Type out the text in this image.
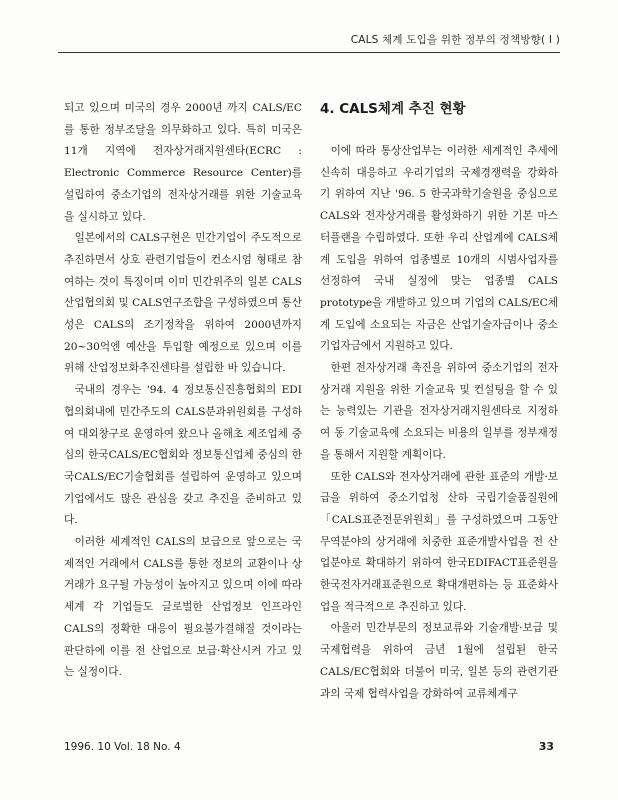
CALS 체계 도입을 위한 정부의 정책방향( I )

되고 있으며 미국의 경우 2000년 까지 CALS/EC를 통한 정부조달을 의무화하고 있다. 특히 미국은 11개 지역에 전자상거래지원센타(ECRC : Electronic Commerce Resource Center)를 설립하여 중소기업의 전자상거래를 위한 기술교육을 실시하고 있다.

일본에서의 CALS구현은 민간기업이 주도적으로 추진하면서 상호 관련기업들이 컨소시엄 형태로 참여하는 것이 특징이며 이미 민간위주의 일본 CALS산업협의회 및 CALS연구조합을 구성하였으며 통산성은 CALS의 조기정착을 위하여 2000년까지 20~30억엔 예산을 투입할 예정으로 있으며 이를 위해 산업정보화추진센타를 설립한 바 있습니다.

국내의 경우는 '94. 4 정보통신진흥협회의 EDI협의회내에 민간주도의 CALS분과위원회를 구성하여 대외창구로 운영하여 왔으나 올해초 제조업체 중심의 한국CALS/EC협회와 정보통신업체 중심의 한국CALS/EC기술협회를 설립하여 운영하고 있으며 기업에서도 많은 관심을 갖고 추진을 준비하고 있다.

이러한 세계적인 CALS의 보급으로 앞으로는 국제적인 거래에서 CALS를 통한 정보의 교환이나 상거래가 요구될 가능성이 높아지고 있으며 이에 따라 세계 각 기업들도 글로벌한 산업정보 인프라인 CALS의 정확한 대응이 필요불가결해질 것이라는 판단하에 이를 전 산업으로 보급·확산시켜 가고 있는 실정이다.

4. CALS체계 추진 현황

이에 따라 통상산업부는 이러한 세계적인 추세에 신속히 대응하고 우리기업의 국제경쟁력을 강화하기 위하여 지난 '96. 5 한국과학기술원을 중심으로 CALS와 전자상거래를 활성화하기 위한 기본 마스터플랜을 수립하였다. 또한 우리 산업계에 CALS체계 도입을 위하여 업종별로 10개의 시범사업자를 선정하여 국내 실정에 맞는 업종별 CALS prototype을 개발하고 있으며 기업의 CALS/EC체계 도입에 소요되는 자금은 산업기술자금이나 중소기업자금에서 지원하고 있다.

한편 전자상거래 촉진을 위하여 중소기업의 전자상거래 지원을 위한 기술교육 및 컨설팅을 할 수 있는 능력있는 기관을 전자상거래지원센타로 지정하여 동 기술교육에 소요되는 비용의 일부를 정부재정을 통해서 지원할 계획이다.

또한 CALS와 전자상거래에 관한 표준의 개발·보급을 위하여 중소기업청 산하 국립기술품질원에「CALS표준전문위원회」를 구성하였으며 그동안 무역분야의 상거래에 치중한 표준개발사업을 전 산업분야로 확대하기 위하여 한국EDIFACT표준원을 한국전자거래표준원으로 확대개편하는 등 표준화사업을 적극적으로 추진하고 있다.

아울러 민간부문의 정보교류와 기술개발·보급 및 국제협력을 위하여 금년 1월에 설립된 한국CALS/EC협회와 더불어 미국, 일본 등의 관련기관과의 국제 협력사업을 강화하여 교류체계구

1996. 10 Vol. 18 No. 4	33
